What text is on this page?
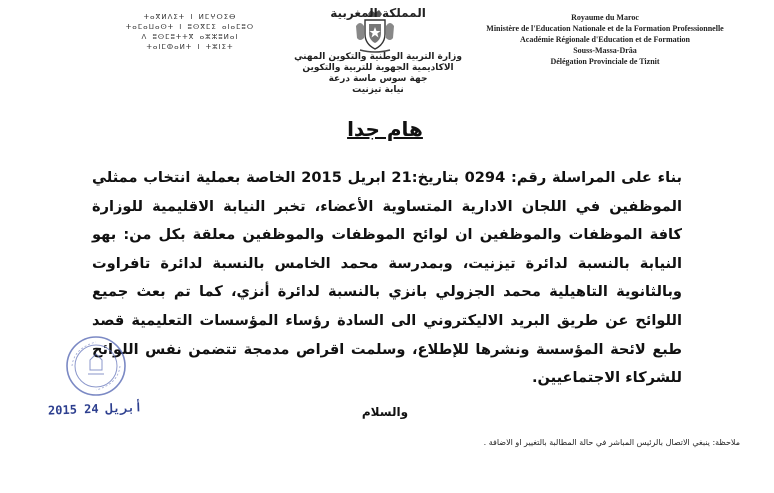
Royaume du Maroc
Ministère de l'Education Nationale et de la Formation Professionnelle
Académie Régionale d'Education et de Formation
Souss-Massa-Drâa
Délégation Provinciale de Tiznit
المملكة المغربية
وزارة التربية الوطنية والتكوين المهني
الاكاديمية الجهوية للتربية والتكوين
جهة سوس ماسة درعة
نيابة تيزنيت
ⵜⴰⴳⵍⴷⵉⵜ ⵏ ⵍⵎⵖⵔⵉⴱ
ⵜⴰⵎⴰⵡⴰⵙⵜ ⵏ ⵓⵙⴳⵎⵉ ⴰⵏⴰⵎⵓⵔ
ⴷ ⵓⵙⵎⵓⵜⵜⴳ ⴰⵣⵣⵓⵍⴰⵏ
ⵜⴰⵏⵎⵀⴰⵍⵜ ⵏ ⵜⵣⵏⵉⵜ
هام جدا
بناء على المراسلة رقم: 0294 بتاريخ:21 ابريل 2015 الخاصة بعملية انتخاب ممثلي الموظفين في اللجان الادارية المتساوية الأعضاء، تخبر النيابة الاقليمية للوزارة كافة الموظفات والموظفين ان لوائح الموظفات والموظفين معلقة بكل من: بهو النيابة بالنسبة لدائرة تيزنيت، وبمدرسة محمد الخامس بالنسبة لدائرة تافراوت وبالثانوية التاهيلية محمد الجزولي بانزي بالنسبة لدائرة أنزي، كما تم بعث جميع اللوائح عن طريق البريد الاليكتروني الى السادة رؤساء المؤسسات التعليمية قصد طبع لائحة المؤسسة ونشرها للإطلاع، وسلمت اقراص مدمجة تتضمن نفس اللوائح للشركاء الاجتماعيين.
2015 أبريل 24	والسلام
ملاحظة: ينبغي الاتصال بالرئيس المباشر في حالة المطالبة بالتغيير او الاضافة .
